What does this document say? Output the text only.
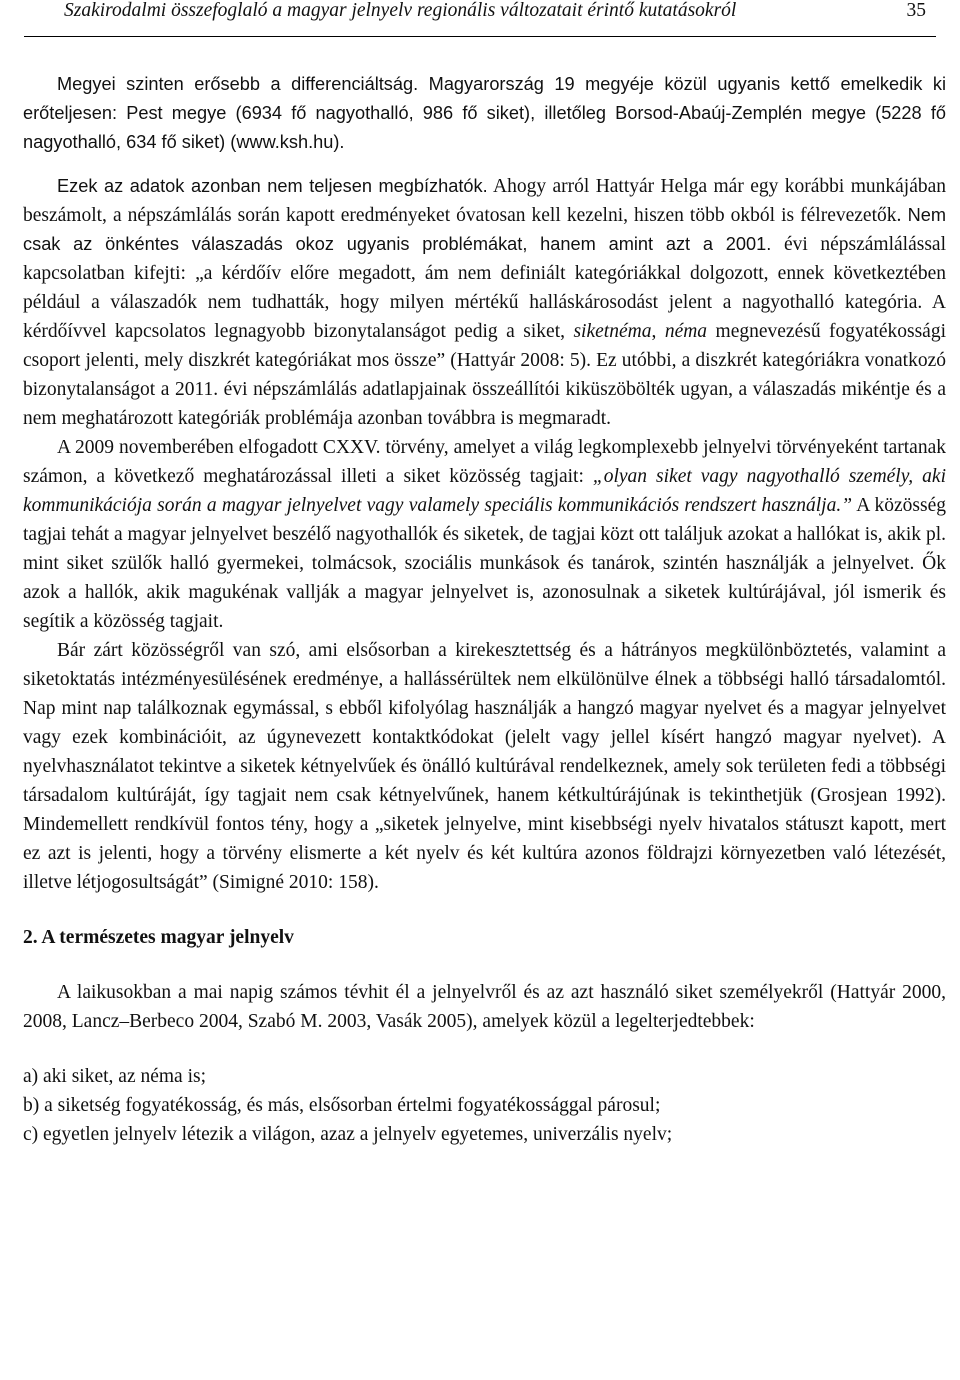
Szakirodalmi összefoglaló a magyar jelnyelv regionális változatait érintő kutatásokról	35

Megyei szinten erősebb a differenciáltság. Magyarország 19 megyéje közül ugyanis kettő emelkedik ki erőteljesen: Pest megye (6934 fő nagyothalló, 986 fő siket), illetőleg Borsod-Abaúj-Zemplén megye (5228 fő nagyothalló, 634 fő siket) (www.ksh.hu).

Ezek az adatok azonban nem teljesen megbízhatók. Ahogy arról Hattyár Helga már egy korábbi munkájában beszámolt, a népszámlálás során kapott eredményeket óvatosan kell kezelni, hiszen több okból is félrevezetők. Nem csak az önkéntes válaszadás okoz ugyanis problémákat, hanem amint azt a 2001. évi népszámlálással kapcsolatban kifejti: „a kérdőív előre megadott, ám nem definiált kategóriákkal dolgozott, ennek következtében például a válaszadók nem tudhatták, hogy milyen mértékű halláskárosodást jelent a nagyothalló kategória. A kérdőívvel kapcsolatos legnagyobb bizonytalanságot pedig a siket, siketnéma, néma megnevezésű fogyatékossági csoport jelenti, mely diszkrét kategóriákat mos össze” (Hattyár 2008: 5). Ez utóbbi, a diszkrét kategóriákra vonatkozó bizonytalanságot a 2011. évi népszámlálás adatlapjainak összeállítói kiküszöbölték ugyan, a válaszadás mikéntje és a nem meghatározott kategóriák problémája azonban továbbra is megmaradt.

A 2009 novemberében elfogadott CXXV. törvény, amelyet a világ legkomplexebb jelnyelvi törvényeként tartanak számon, a következő meghatározással illeti a siket közösség tagjait: „olyan siket vagy nagyothalló személy, aki kommunikációja során a magyar jelnyelvet vagy valamely speciális kommunikációs rendszert használja.” A közösség tagjai tehát a magyar jelnyelvet beszélő nagyothallók és siketek, de tagjai közt ott találjuk azokat a hallókat is, akik pl. mint siket szülők halló gyermekei, tolmácsok, szociális munkások és tanárok, szintén használják a jelnyelvet. Ők azok a hallók, akik magukénak vallják a magyar jelnyelvet is, azonosulnak a siketek kultúrájával, jól ismerik és segítik a közösség tagjait.

Bár zárt közösségről van szó, ami elsősorban a kirekesztettség és a hátrányos megkülönböztetés, valamint a siketoktatás intézményesülésének eredménye, a hallássérültek nem elkülönülve élnek a többségi halló társadalomtól. Nap mint nap találkoznak egymással, s ebből kifolyólag használják a hangzó magyar nyelvet és a magyar jelnyelvet vagy ezek kombinációit, az úgynevezett kontaktkódokat (jelelt vagy jellel kísért hangzó magyar nyelvet). A nyelvhasználatot tekintve a siketek kétnyelvűek és önálló kultúrával rendelkeznek, amely sok területen fedi a többségi társadalom kultúráját, így tagjait nem csak kétnyelvűnek, hanem kétkultúrájúnak is tekinthetjük (Grosjean 1992). Mindemellett rendkívül fontos tény, hogy a „siketek jelnyelve, mint kisebbségi nyelv hivatalos státuszt kapott, mert ez azt is jelenti, hogy a törvény elismerte a két nyelv és két kultúra azonos földrajzi környezetben való létezését, illetve létjogosultságát” (Simigné 2010: 158).

2. A természetes magyar jelnyelv

A laikusokban a mai napig számos tévhit él a jelnyelvről és az azt használó siket személyekről (Hattyár 2000, 2008, Lancz–Berbeco 2004, Szabó M. 2003, Vasák 2005), amelyek közül a legelterjedtebbek:

a) aki siket, az néma is;

b) a siketség fogyatékosság, és más, elsősorban értelmi fogyatékossággal párosul;

c) egyetlen jelnyelv létezik a világon, azaz a jelnyelv egyetemes, univerzális nyelv;
